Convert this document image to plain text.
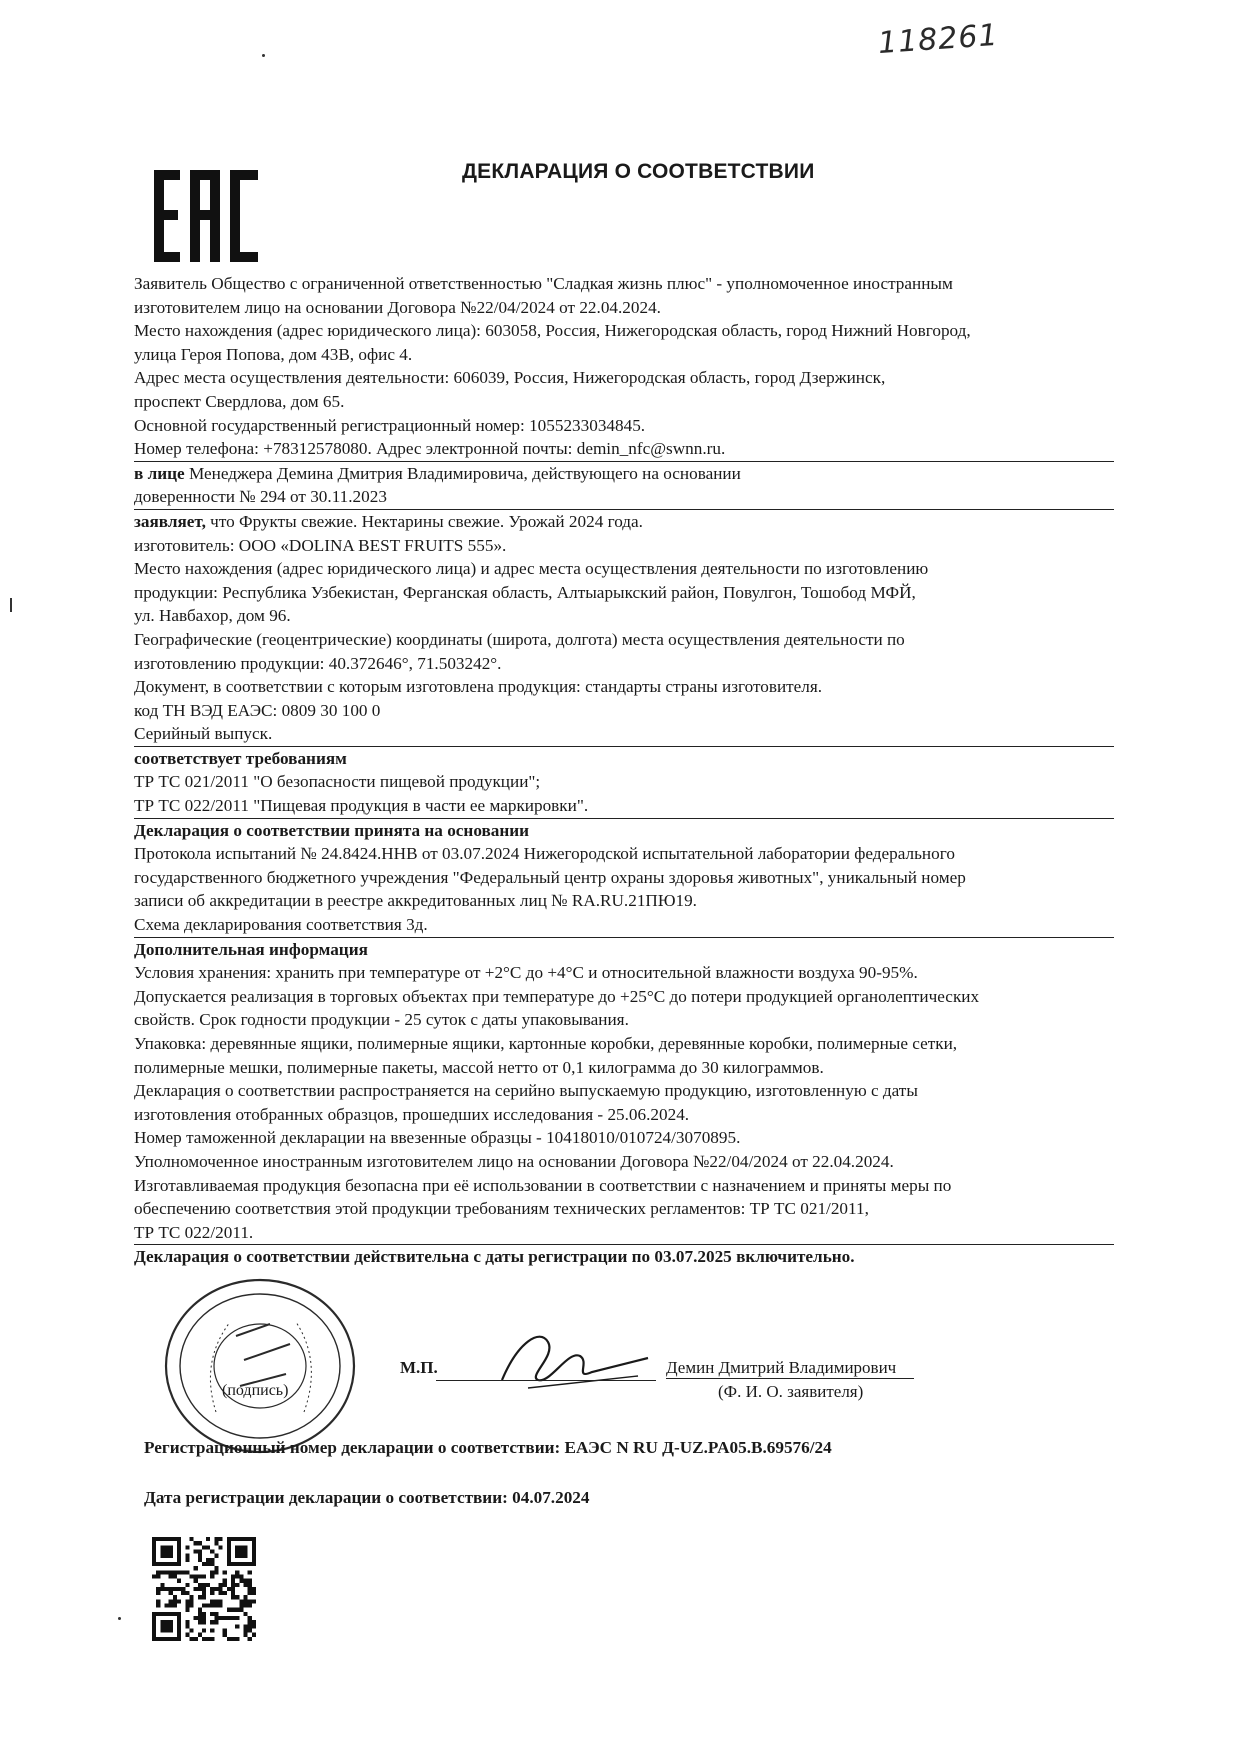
118261
ДЕКЛАРАЦИЯ О СООТВЕТСТВИИ
Заявитель Общество с ограниченной ответственностью "Сладкая жизнь плюс" - уполномоченное иностранным
изготовителем лицо на основании Договора №22/04/2024 от 22.04.2024.
Место нахождения (адрес юридического лица): 603058, Россия, Нижегородская область, город Нижний Новгород,
улица Героя Попова, дом 43В, офис 4.
Адрес места осуществления деятельности: 606039, Россия, Нижегородская область, город Дзержинск,
проспект Свердлова, дом 65.
Основной государственный регистрационный номер: 1055233034845.
Номер телефона: +78312578080. Адрес электронной почты: demin_nfc@swnn.ru.
в лице Менеджера Демина Дмитрия Владимировича, действующего на основании
доверенности № 294 от 30.11.2023
заявляет, что Фрукты свежие. Нектарины свежие. Урожай 2024 года.
изготовитель: ООО «DOLINA BEST FRUITS 555».
Место нахождения (адрес юридического лица) и адрес места осуществления деятельности по изготовлению
продукции: Республика Узбекистан, Ферганская область, Алтыарыкский район, Повулгон, Тошобод МФЙ,
ул. Навбахор, дом 96.
Географические (геоцентрические) координаты (широта, долгота) места осуществления деятельности по
изготовлению продукции: 40.372646°, 71.503242°.
Документ, в соответствии с которым изготовлена продукция: стандарты страны изготовителя.
код ТН ВЭД ЕАЭС: 0809 30 100 0
Серийный выпуск.
соответствует требованиям
ТР ТС 021/2011 "О безопасности пищевой продукции";
ТР ТС 022/2011 "Пищевая продукция в части ее маркировки".
Декларация о соответствии принята на основании
Протокола испытаний № 24.8424.ННВ от 03.07.2024 Нижегородской испытательной лаборатории федерального
государственного бюджетного учреждения "Федеральный центр охраны здоровья животных", уникальный номер
записи об аккредитации в реестре аккредитованных лиц № RA.RU.21ПЮ19.
Схема декларирования соответствия 3д.
Дополнительная информация
Условия хранения: хранить при температуре от +2°С до +4°С и относительной влажности воздуха 90-95%.
Допускается реализация в торговых объектах при температуре до +25°С до потери продукцией органолептических
свойств. Срок годности продукции - 25 суток с даты упаковывания.
Упаковка: деревянные ящики, полимерные ящики, картонные коробки, деревянные коробки, полимерные сетки,
полимерные мешки, полимерные пакеты, массой нетто от 0,1 килограмма до 30 килограммов.
Декларация о соответствии распространяется на серийно выпускаемую продукцию, изготовленную с даты
изготовления отобранных образцов, прошедших исследования - 25.06.2024.
Номер таможенной декларации на ввезенные образцы - 10418010/010724/3070895.
Уполномоченное иностранным изготовителем лицо на основании Договора №22/04/2024 от 22.04.2024.
Изготавливаемая продукция безопасна при её использовании в соответствии с назначением и приняты меры по
обеспечению соответствия этой продукции требованиям технических регламентов: ТР ТС 021/2011,
ТР ТС 022/2011.
Декларация о соответствии действительна с даты регистрации по 03.07.2025 включительно.
М.П.	Демин Дмитрий Владимирович
(Ф. И. О. заявителя)
(подпись)
Регистрационный номер декларации о соответствии: ЕАЭС N RU Д-UZ.PA05.B.69576/24
Дата регистрации декларации о соответствии: 04.07.2024
